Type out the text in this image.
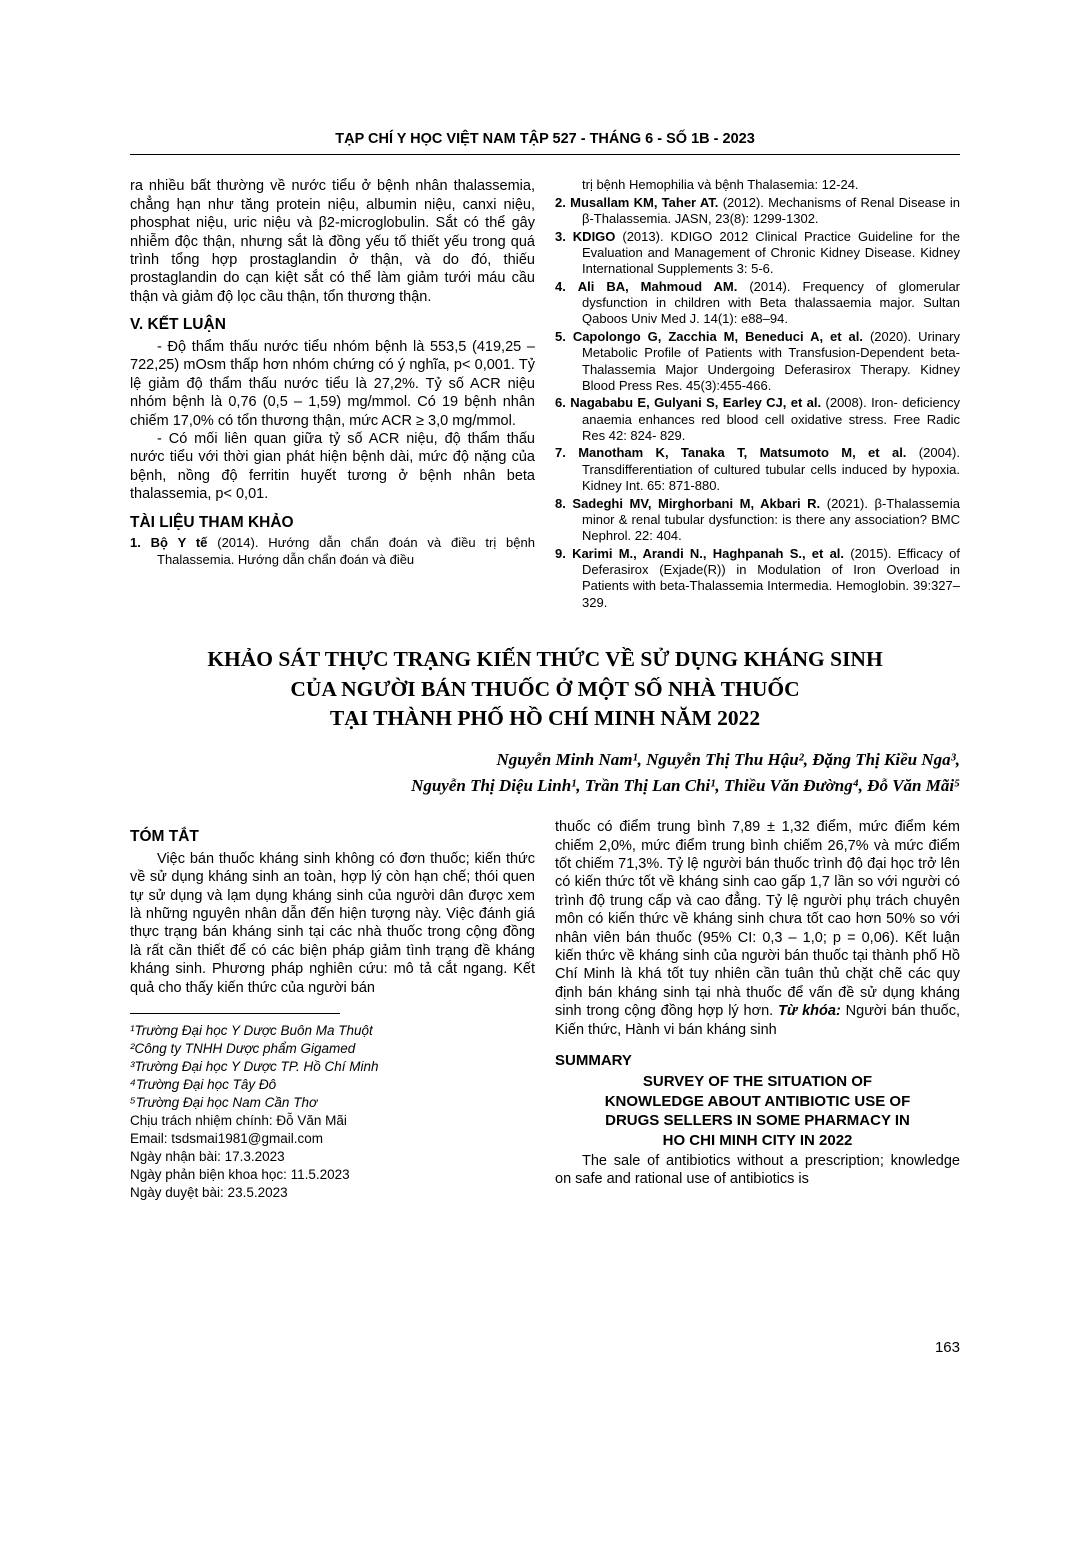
TẠP CHÍ Y HỌC VIỆT NAM TẬP 527 - THÁNG 6 - SỐ 1B - 2023

ra nhiều bất thường về nước tiểu ở bệnh nhân thalassemia, chẳng hạn như tăng protein niệu, albumin niệu, canxi niệu, phosphat niệu, uric niệu và β2-microglobulin. Sắt có thể gây nhiễm độc thận, nhưng sắt là đồng yếu tố thiết yếu trong quá trình tổng hợp prostaglandin ở thận, và do đó, thiếu prostaglandin do cạn kiệt sắt có thể làm giảm tưới máu cầu thận và giảm độ lọc cầu thận, tổn thương thận.

V. KẾT LUẬN

- Độ thẩm thấu nước tiểu nhóm bệnh là 553,5 (419,25 – 722,25) mOsm thấp hơn nhóm chứng có ý nghĩa, p< 0,001. Tỷ lệ giảm độ thẩm thấu nước tiểu là 27,2%. Tỷ số ACR niệu nhóm bệnh là 0,76 (0,5 – 1,59) mg/mmol. Có 19 bệnh nhân chiếm 17,0% có tổn thương thận, mức ACR ≥ 3,0 mg/mmol.

- Có mối liên quan giữa tỷ số ACR niệu, độ thẩm thấu nước tiểu với thời gian phát hiện bệnh dài, mức độ nặng của bệnh, nồng độ ferritin huyết tương ở bệnh nhân beta thalassemia, p< 0,01.

TÀI LIỆU THAM KHẢO
1. Bộ Y tế (2014). Hướng dẫn chẩn đoán và điều trị bệnh Thalassemia. Hướng dẫn chẩn đoán và điều
trị bệnh Hemophilia và bệnh Thalasemia: 12-24.
2. Musallam KM, Taher AT. (2012). Mechanisms of Renal Disease in β-Thalassemia. JASN, 23(8): 1299-1302.
3. KDIGO (2013). KDIGO 2012 Clinical Practice Guideline for the Evaluation and Management of Chronic Kidney Disease. Kidney International Supplements 3: 5-6.
4. Ali BA, Mahmoud AM. (2014). Frequency of glomerular dysfunction in children with Beta thalassaemia major. Sultan Qaboos Univ Med J. 14(1): e88–94.
5. Capolongo G, Zacchia M, Beneduci A, et al. (2020). Urinary Metabolic Profile of Patients with Transfusion-Dependent beta-Thalassemia Major Undergoing Deferasirox Therapy. Kidney Blood Press Res. 45(3):455-466.
6. Nagababu E, Gulyani S, Earley CJ, et al. (2008). Iron- deficiency anaemia enhances red blood cell oxidative stress. Free Radic Res 42: 824- 829.
7. Manotham K, Tanaka T, Matsumoto M, et al. (2004). Transdifferentiation of cultured tubular cells induced by hypoxia. Kidney Int. 65: 871-880.
8. Sadeghi MV, Mirghorbani M, Akbari R. (2021). β-Thalassemia minor & renal tubular dysfunction: is there any association? BMC Nephrol. 22: 404.
9. Karimi M., Arandi N., Haghpanah S., et al. (2015). Efficacy of Deferasirox (Exjade(R)) in Modulation of Iron Overload in Patients with beta-Thalassemia Intermedia. Hemoglobin. 39:327–329.
KHẢO SÁT THỰC TRẠNG KIẾN THỨC VỀ SỬ DỤNG KHÁNG SINH
CỦA NGƯỜI BÁN THUỐC Ở MỘT SỐ NHÀ THUỐC
TẠI THÀNH PHỐ HỒ CHÍ MINH NĂM 2022
Nguyễn Minh Nam¹, Nguyễn Thị Thu Hậu², Đặng Thị Kiều Nga³,
Nguyễn Thị Diệu Linh¹, Trần Thị Lan Chi¹, Thiều Văn Đường⁴, Đỗ Văn Mãi⁵
TÓM TẮT

Việc bán thuốc kháng sinh không có đơn thuốc; kiến thức về sử dụng kháng sinh an toàn, hợp lý còn hạn chế; thói quen tự sử dụng và lạm dụng kháng sinh của người dân được xem là những nguyên nhân dẫn đến hiện tượng này. Việc đánh giá thực trạng bán kháng sinh tại các nhà thuốc trong cộng đồng là rất cần thiết để có các biện pháp giảm tình trạng đề kháng kháng sinh. Phương pháp nghiên cứu: mô tả cắt ngang. Kết quả cho thấy kiến thức của người bán

¹Trường Đại học Y Dược Buôn Ma Thuột
²Công ty TNHH Dược phẩm Gigamed
³Trường Đại học Y Dược TP. Hồ Chí Minh
⁴Trường Đại học Tây Đô
⁵Trường Đại học Nam Cần Thơ
Chịu trách nhiệm chính: Đỗ Văn Mãi
Email: tsdsmai1981@gmail.com
Ngày nhận bài: 17.3.2023
Ngày phản biện khoa học: 11.5.2023
Ngày duyệt bài: 23.5.2023

thuốc có điểm trung bình 7,89 ± 1,32 điểm, mức điểm kém chiếm 2,0%, mức điểm trung bình chiếm 26,7% và mức điểm tốt chiếm 71,3%. Tỷ lệ người bán thuốc trình độ đại học trở lên có kiến thức tốt về kháng sinh cao gấp 1,7 lần so với người có trình độ trung cấp và cao đẳng. Tỷ lệ người phụ trách chuyên môn có kiến thức về kháng sinh chưa tốt cao hơn 50% so với nhân viên bán thuốc (95% CI: 0,3 – 1,0; p = 0,06). Kết luận kiến thức về kháng sinh của người bán thuốc tại thành phố Hồ Chí Minh là khá tốt tuy nhiên cần tuân thủ chặt chẽ các quy định bán kháng sinh tại nhà thuốc để vấn đề sử dụng kháng sinh trong cộng đồng hợp lý hơn. Từ khóa: Người bán thuốc, Kiến thức, Hành vi bán kháng sinh

SUMMARY
SURVEY OF THE SITUATION OF KNOWLEDGE ABOUT ANTIBIOTIC USE OF DRUGS SELLERS IN SOME PHARMACY IN HO CHI MINH CITY IN 2022

The sale of antibiotics without a prescription; knowledge on safe and rational use of antibiotics is

163
